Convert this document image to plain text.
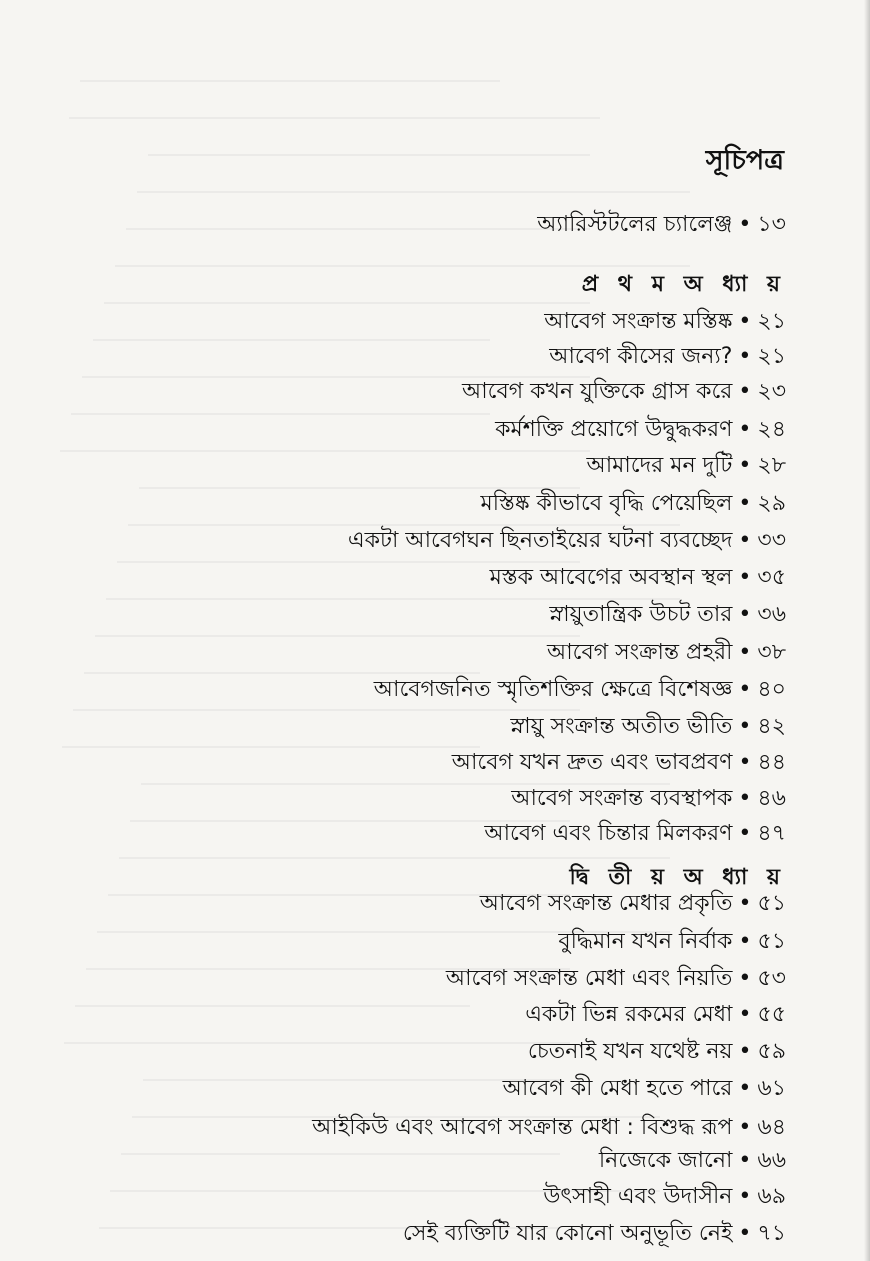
সূচিপত্র
অ্যারিস্টটলের চ্যালেঞ্জ • ১৩
প্র থ ম অ ধ্যা য়
আবেগ সংক্রান্ত মস্তিষ্ক • ২১
আবেগ কীসের জন্য? • ২১
আবেগ কখন যুক্তিকে গ্রাস করে • ২৩
কর্মশক্তি প্রয়োগে উদ্বুদ্ধকরণ • ২৪
আমাদের মন দুটি • ২৮
মস্তিষ্ক কীভাবে বৃদ্ধি পেয়েছিল • ২৯
একটা আবেগঘন ছিনতাইয়ের ঘটনা ব্যবচ্ছেদ • ৩৩
মস্তক আবেগের অবস্থান স্থল • ৩৫
স্নায়ুতান্ত্রিক উচট তার • ৩৬
আবেগ সংক্রান্ত প্রহরী • ৩৮
আবেগজনিত স্মৃতিশক্তির ক্ষেত্রে বিশেষজ্ঞ • ৪০
স্নায়ু সংক্রান্ত অতীত ভীতি • ৪২
আবেগ যখন দ্রুত এবং ভাবপ্রবণ • ৪৪
আবেগ সংক্রান্ত ব্যবস্থাপক • ৪৬
আবেগ এবং চিন্তার মিলকরণ • ৪৭
দ্বি তী য় অ ধ্যা য়
আবেগ সংক্রান্ত মেধার প্রকৃতি • ৫১
বুদ্ধিমান যখন নির্বাক • ৫১
আবেগ সংক্রান্ত মেধা এবং নিয়তি • ৫৩
একটা ভিন্ন রকমের মেধা • ৫৫
চেতনাই যখন যথেষ্ট নয় • ৫৯
আবেগ কী মেধা হতে পারে • ৬১
আইকিউ এবং আবেগ সংক্রান্ত মেধা : বিশুদ্ধ রূপ • ৬৪
নিজেকে জানো • ৬৬
উৎসাহী এবং উদাসীন • ৬৯
সেই ব্যক্তিটি যার কোনো অনুভূতি নেই • ৭১
